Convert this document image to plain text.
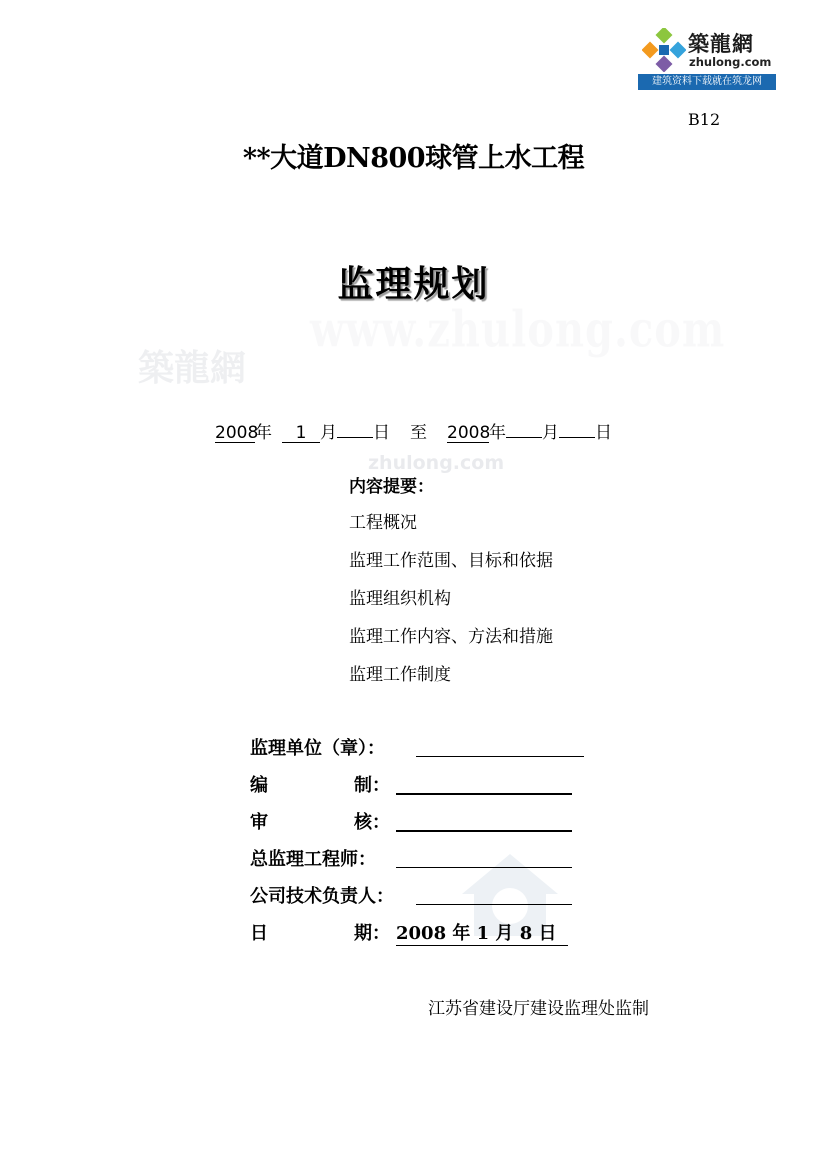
築龍網
zhulong.com
建筑资料下载就在筑龙网
B12
**大道DN800球管上水工程
监理规划
www.zhulong.com
築龍網
zhulong.com
2008年 1 月 日 至 2008年 月 日
内容提要：
工程概况
监理工作范围、目标和依据
监理组织机构
监理工作内容、方法和措施
监理工作制度
监理单位（章）：
编	制：
审	核：
总监理工程师：
公司技术负责人：
日	期： 2008 年 1 月 8 日
江苏省建设厅建设监理处监制
